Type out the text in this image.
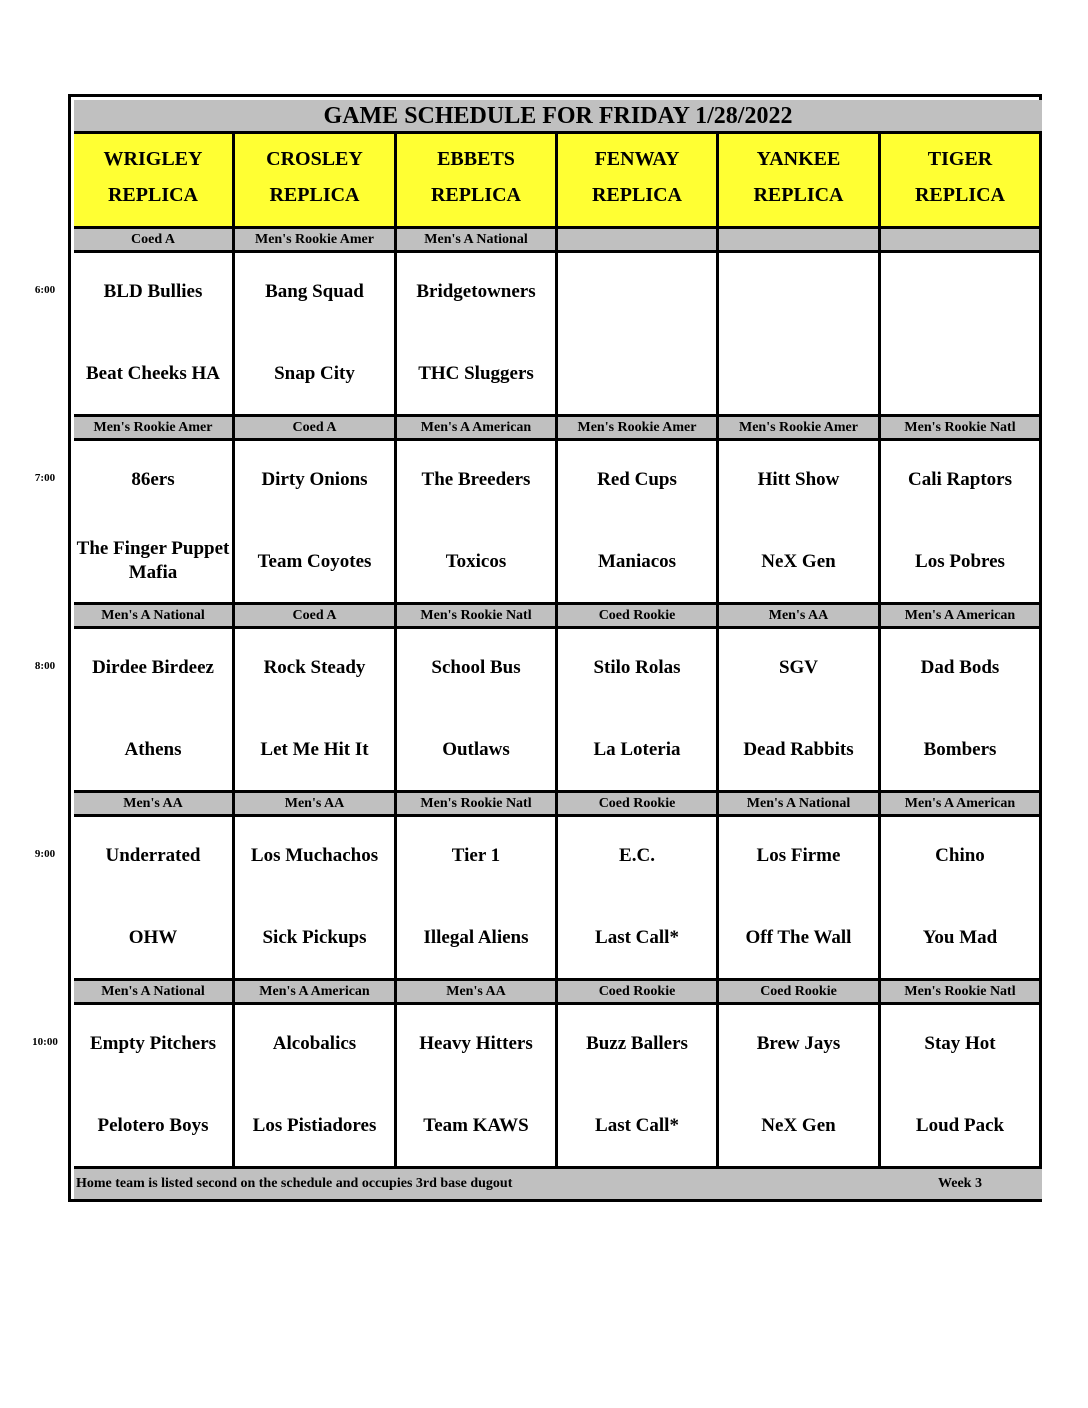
GAME SCHEDULE FOR FRIDAY 1/28/2022
Home team is listed second on the schedule and occupies 3rd base dugout	Week 3
WRIGLEY
REPLICA
CROSLEY
REPLICA
EBBETS
REPLICA
FENWAY
REPLICA
YANKEE
REPLICA
TIGER
REPLICA
Coed A
BLD Bullies
Beat Cheeks HA
Men's Rookie Amer
Bang Squad
Snap City
Men's A National
Bridgetowners
THC Sluggers
Men's Rookie Amer
86ers
The Finger Puppet Mafia
Coed A
Dirty Onions
Team Coyotes
Men's A American
The Breeders
Toxicos
Men's Rookie Amer
Red Cups
Maniacos
Men's Rookie Amer
Hitt Show
NeX Gen
Men's Rookie Natl
Cali Raptors
Los Pobres
Men's A National
Dirdee Birdeez
Athens
Coed A
Rock Steady
Let Me Hit It
Men's Rookie Natl
School Bus
Outlaws
Coed Rookie
Stilo Rolas
La Loteria
Men's AA
SGV
Dead Rabbits
Men's A American
Dad Bods
Bombers
Men's AA
Underrated
OHW
Men's AA
Los Muchachos
Sick Pickups
Men's Rookie Natl
Tier 1
Illegal Aliens
Coed Rookie
E.C.
Last Call*
Men's A National
Los Firme
Off The Wall
Men's A American
Chino
You Mad
Men's A National
Empty Pitchers
Pelotero Boys
Men's A American
Alcobalics
Los Pistiadores
Men's AA
Heavy Hitters
Team KAWS
Coed Rookie
Buzz Ballers
Last Call*
Coed Rookie
Brew Jays
NeX Gen
Men's Rookie Natl
Stay Hot
Loud Pack
6:00
7:00
8:00
9:00
10:00
